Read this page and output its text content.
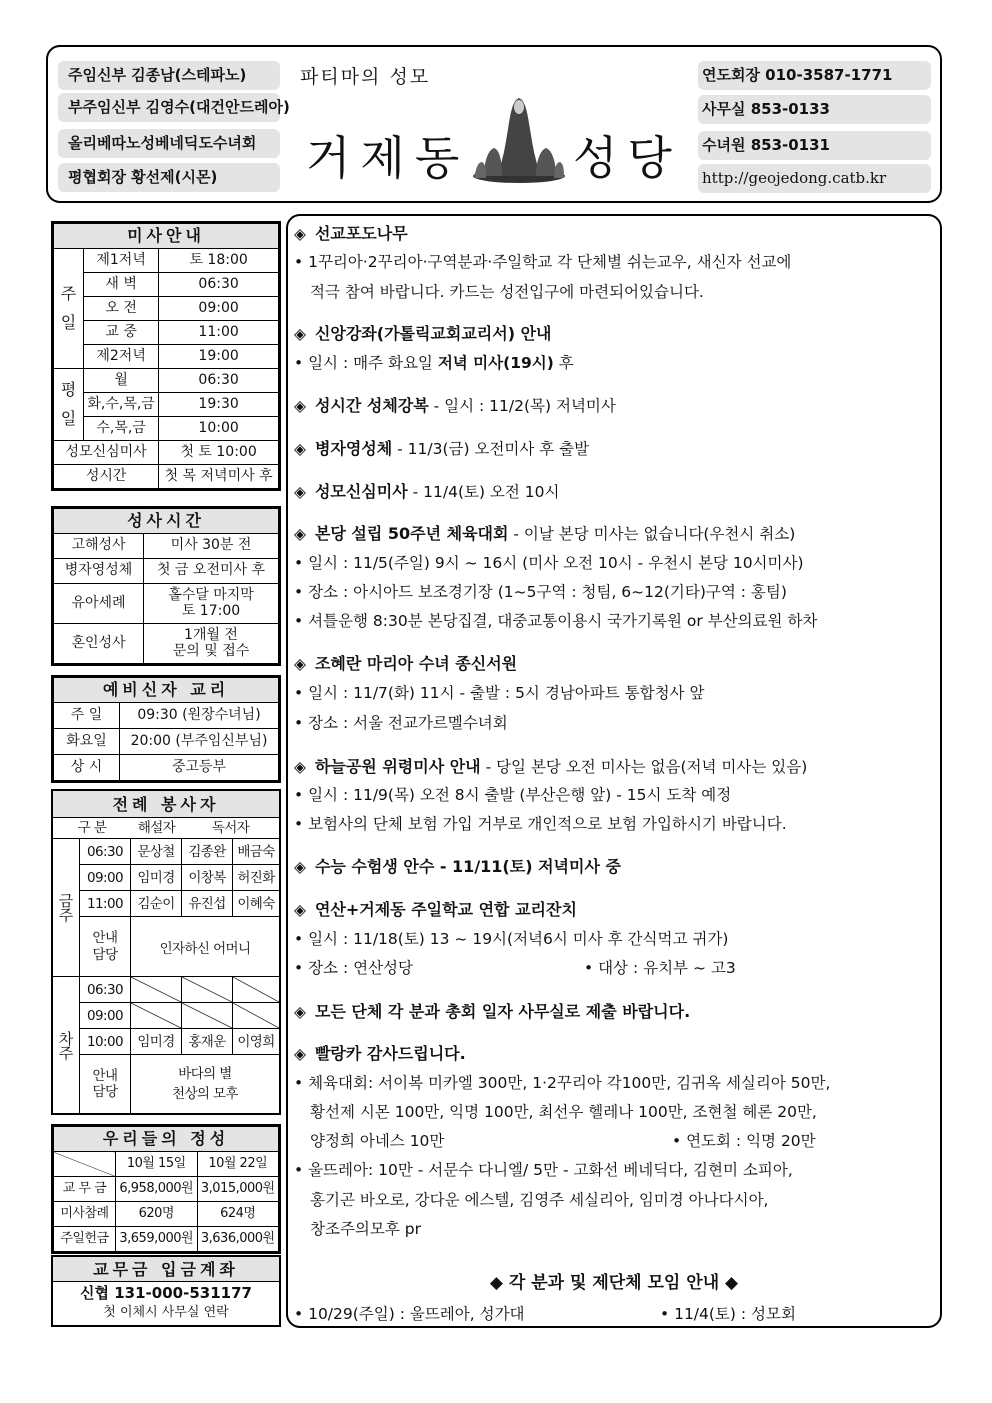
주임신부 김종남(스테파노)
부주임신부 김영수(대건안드레아)
올리베따노성베네딕도수녀회
평협회장 황선제(시몬)
파티마의 성모
거제동 성당
연도회장 010-3587-1771
사무실 853-0133
수녀원 853-0131
http://geojedong.catb.kr
미사안내		
주일	제1저녁	토 18:00
	새 벽	06:30
	오 전	09:00
	교 중	11:00
	제2저녁	19:00
평일	월	06:30
	화,수,목,금	19:30
	수,목,금	10:00
성모신심미사		첫 토 10:00
성시간		첫 목 저녁미사 후
성사시간	
고해성사	미사 30분 전
병자영성체	첫 금 오전미사 후
유아세례	홀수달 마지막
토 17:00

혼인성사	1개월 전
문의 및 접수
예비신자 교리	
주 일	09:30 (원장수녀님)
화요일	20:00 (부주임신부님)
상 시	중고등부
전례 봉사자
구 분	해설자	독서자
금주
06:30	문상철	김종완 배금숙
09:00	임미경	이창복 허진화
11:00	김순이	유진섭 이혜숙
안내담당	인자하신 어머니
차주
06:30
09:00
10:00	임미경	홍재운 이영희
안내담당
바다의 별
천상의 모후
우리들의 정성		
	10월 15일	10월 22일
교 무 금	6,958,000원	3,015,000원
미사참례	620명	624명
주일헌금	3,659,000원	3,636,000원
교무금 입금계좌
신협 131-000-531177
첫 이체시 사무실 연락
◈ 선교포도나무
• 1꾸리아·2꾸리아·구역분과·주일학교 각 단체별 쉬는교우, 새신자 선교에
적극 참여 바랍니다. 카드는 성전입구에 마련되어있습니다.
◈ 신앙강좌(가톨릭교회교리서) 안내
• 일시 : 매주 화요일 저녁 미사(19시) 후
◈ 성시간 성체강복 - 일시 : 11/2(목) 저녁미사
◈ 병자영성체 - 11/3(금) 오전미사 후 출발
◈ 성모신심미사 - 11/4(토) 오전 10시
◈ 본당 설립 50주년 체육대회 - 이날 본당 미사는 없습니다(우천시 취소)
• 일시 : 11/5(주일) 9시 ~ 16시 (미사 오전 10시 - 우천시 본당 10시미사)
• 장소 : 아시아드 보조경기장 (1~5구역 : 청팀, 6~12(기타)구역 : 홍팀)
• 셔틀운행 8:30분 본당집결, 대중교통이용시 국가기록원 or 부산의료원 하차
◈ 조혜란 마리아 수녀 종신서원
• 일시 : 11/7(화) 11시 - 출발 : 5시 경남아파트 통합청사 앞
• 장소 : 서울 전교가르멜수녀회
◈ 하늘공원 위령미사 안내 - 당일 본당 오전 미사는 없음(저녁 미사는 있음)
• 일시 : 11/9(목) 오전 8시 출발 (부산은행 앞) - 15시 도착 예정
• 보험사의 단체 보험 가입 거부로 개인적으로 보험 가입하시기 바랍니다.
◈ 수능 수험생 안수 - 11/11(토) 저녁미사 중
◈ 연산+거제동 주일학교 연합 교리잔치
• 일시 : 11/18(토) 13 ~ 19시(저녁6시 미사 후 간식먹고 귀가)
• 장소 : 연산성당	• 대상 : 유치부 ~ 고3
◈ 모든 단체 각 분과 총회 일자 사무실로 제출 바랍니다.
◈ 빨랑카 감사드립니다.
• 체육대회: 서이복 미카엘 300만, 1·2꾸리아 각100만, 김귀옥 세실리아 50만,
황선제 시몬 100만, 익명 100만, 최선우 헬레나 100만, 조현철 헤론 20만,
양정희 아네스 10만	• 연도회 : 익명 20만
• 울뜨레아: 10만 - 서문수 다니엘/ 5만 - 고화선 베네딕다, 김현미 소피아,
홍기곤 바오로, 강다운 에스텔, 김영주 세실리아, 임미경 아나다시아,
창조주의모후 pr
◆ 각 분과 및 제단체 모임 안내 ◆
• 10/29(주일) : 울뜨레아, 성가대	• 11/4(토) : 성모회
